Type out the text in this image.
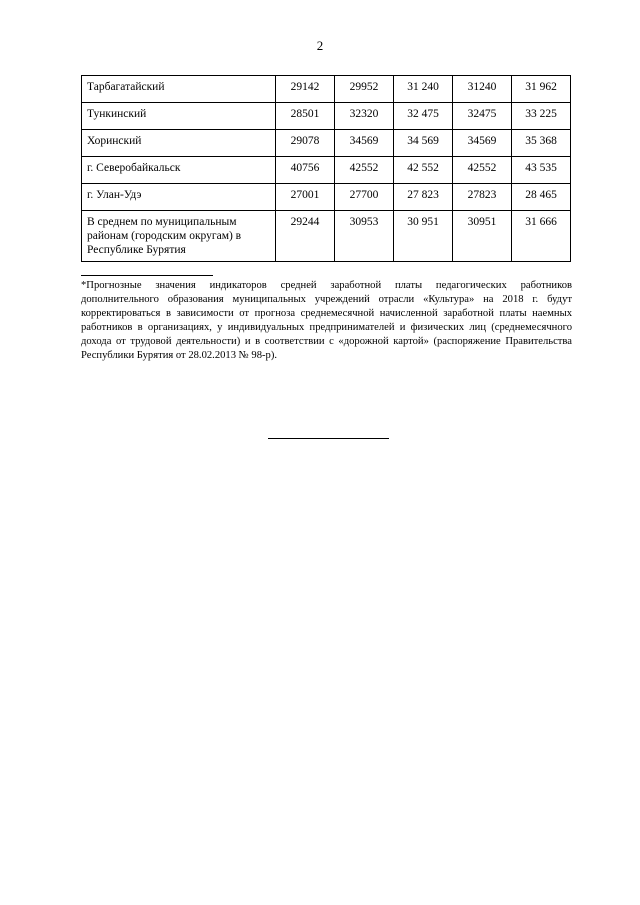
2
Тарбагатайский	29142	29952	31 240	31240	31 962
Тункинский	28501	32320	32 475	32475	33 225
Хоринский	29078	34569	34 569	34569	35 368
г. Северобайкальск	40756	42552	42 552	42552	43 535
г. Улан-Удэ	27001	27700	27 823	27823	28 465
В среднем по муниципальным районам (городским округам) в Республике Бурятия	29244	30953	30 951	30951	31 666

*Прогнозные значения индикаторов средней заработной платы педагогических работников дополнительного образования муниципальных учреждений отрасли «Культура» на 2018 г. будут корректироваться в зависимости от прогноза среднемесячной начисленной заработной платы наемных работников в организациях, у индивидуальных предпринимателей и физических лиц (среднемесячного дохода от трудовой деятельности) и в соответствии с «дорожной картой» (распоряжение Правительства Республики Бурятия от 28.02.2013 № 98-р).
